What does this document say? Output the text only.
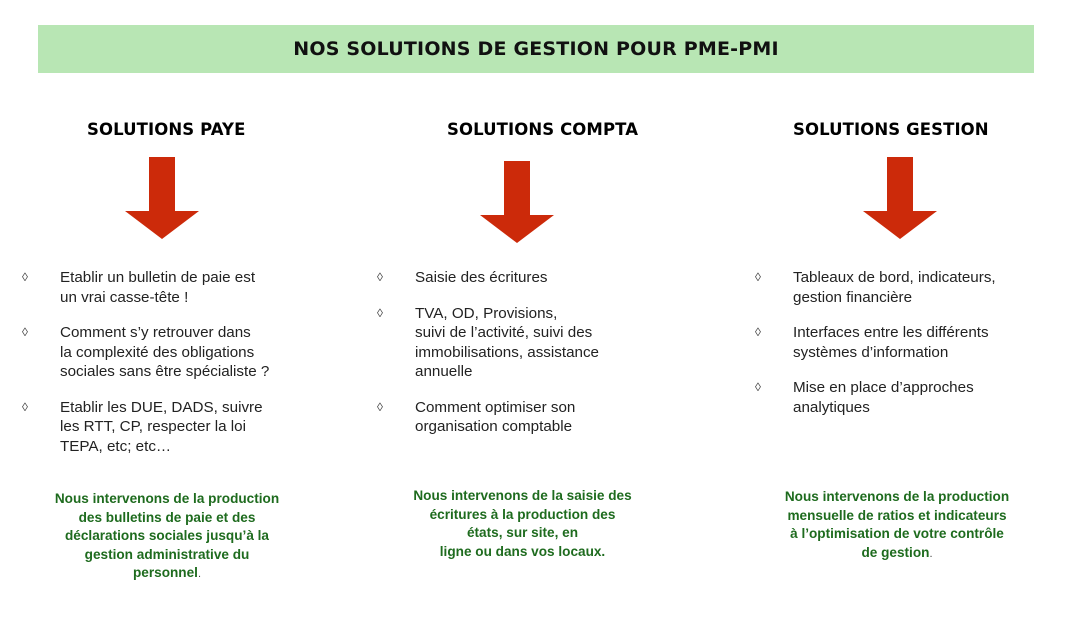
NOS SOLUTIONS DE GESTION POUR PME-PMI
SOLUTIONS PAYE
◊ Etablir un bulletin de paie est
un vrai casse-tête !
◊ Comment s’y retrouver dans
la complexité des obligations
sociales sans être spécialiste ?
◊ Etablir les DUE, DADS, suivre
les RTT, CP, respecter la loi
TEPA, etc; etc…
Nous intervenons de la production
des bulletins de paie et des
déclarations sociales jusqu’à la
gestion administrative du
personnel.
SOLUTIONS COMPTA
◊ Saisie des écritures
◊ TVA, OD, Provisions,
suivi de l’activité, suivi des
immobilisations, assistance
annuelle
◊ Comment optimiser son
organisation comptable
Nous intervenons de la saisie des
écritures à la production des
états, sur site, en
ligne ou dans vos locaux.
SOLUTIONS GESTION
◊ Tableaux de bord, indicateurs,
gestion financière
◊ Interfaces entre les différents
systèmes d’information
◊ Mise en place d’approches
analytiques
Nous intervenons de la production
mensuelle de ratios et indicateurs
à l’optimisation de votre contrôle
de gestion.
